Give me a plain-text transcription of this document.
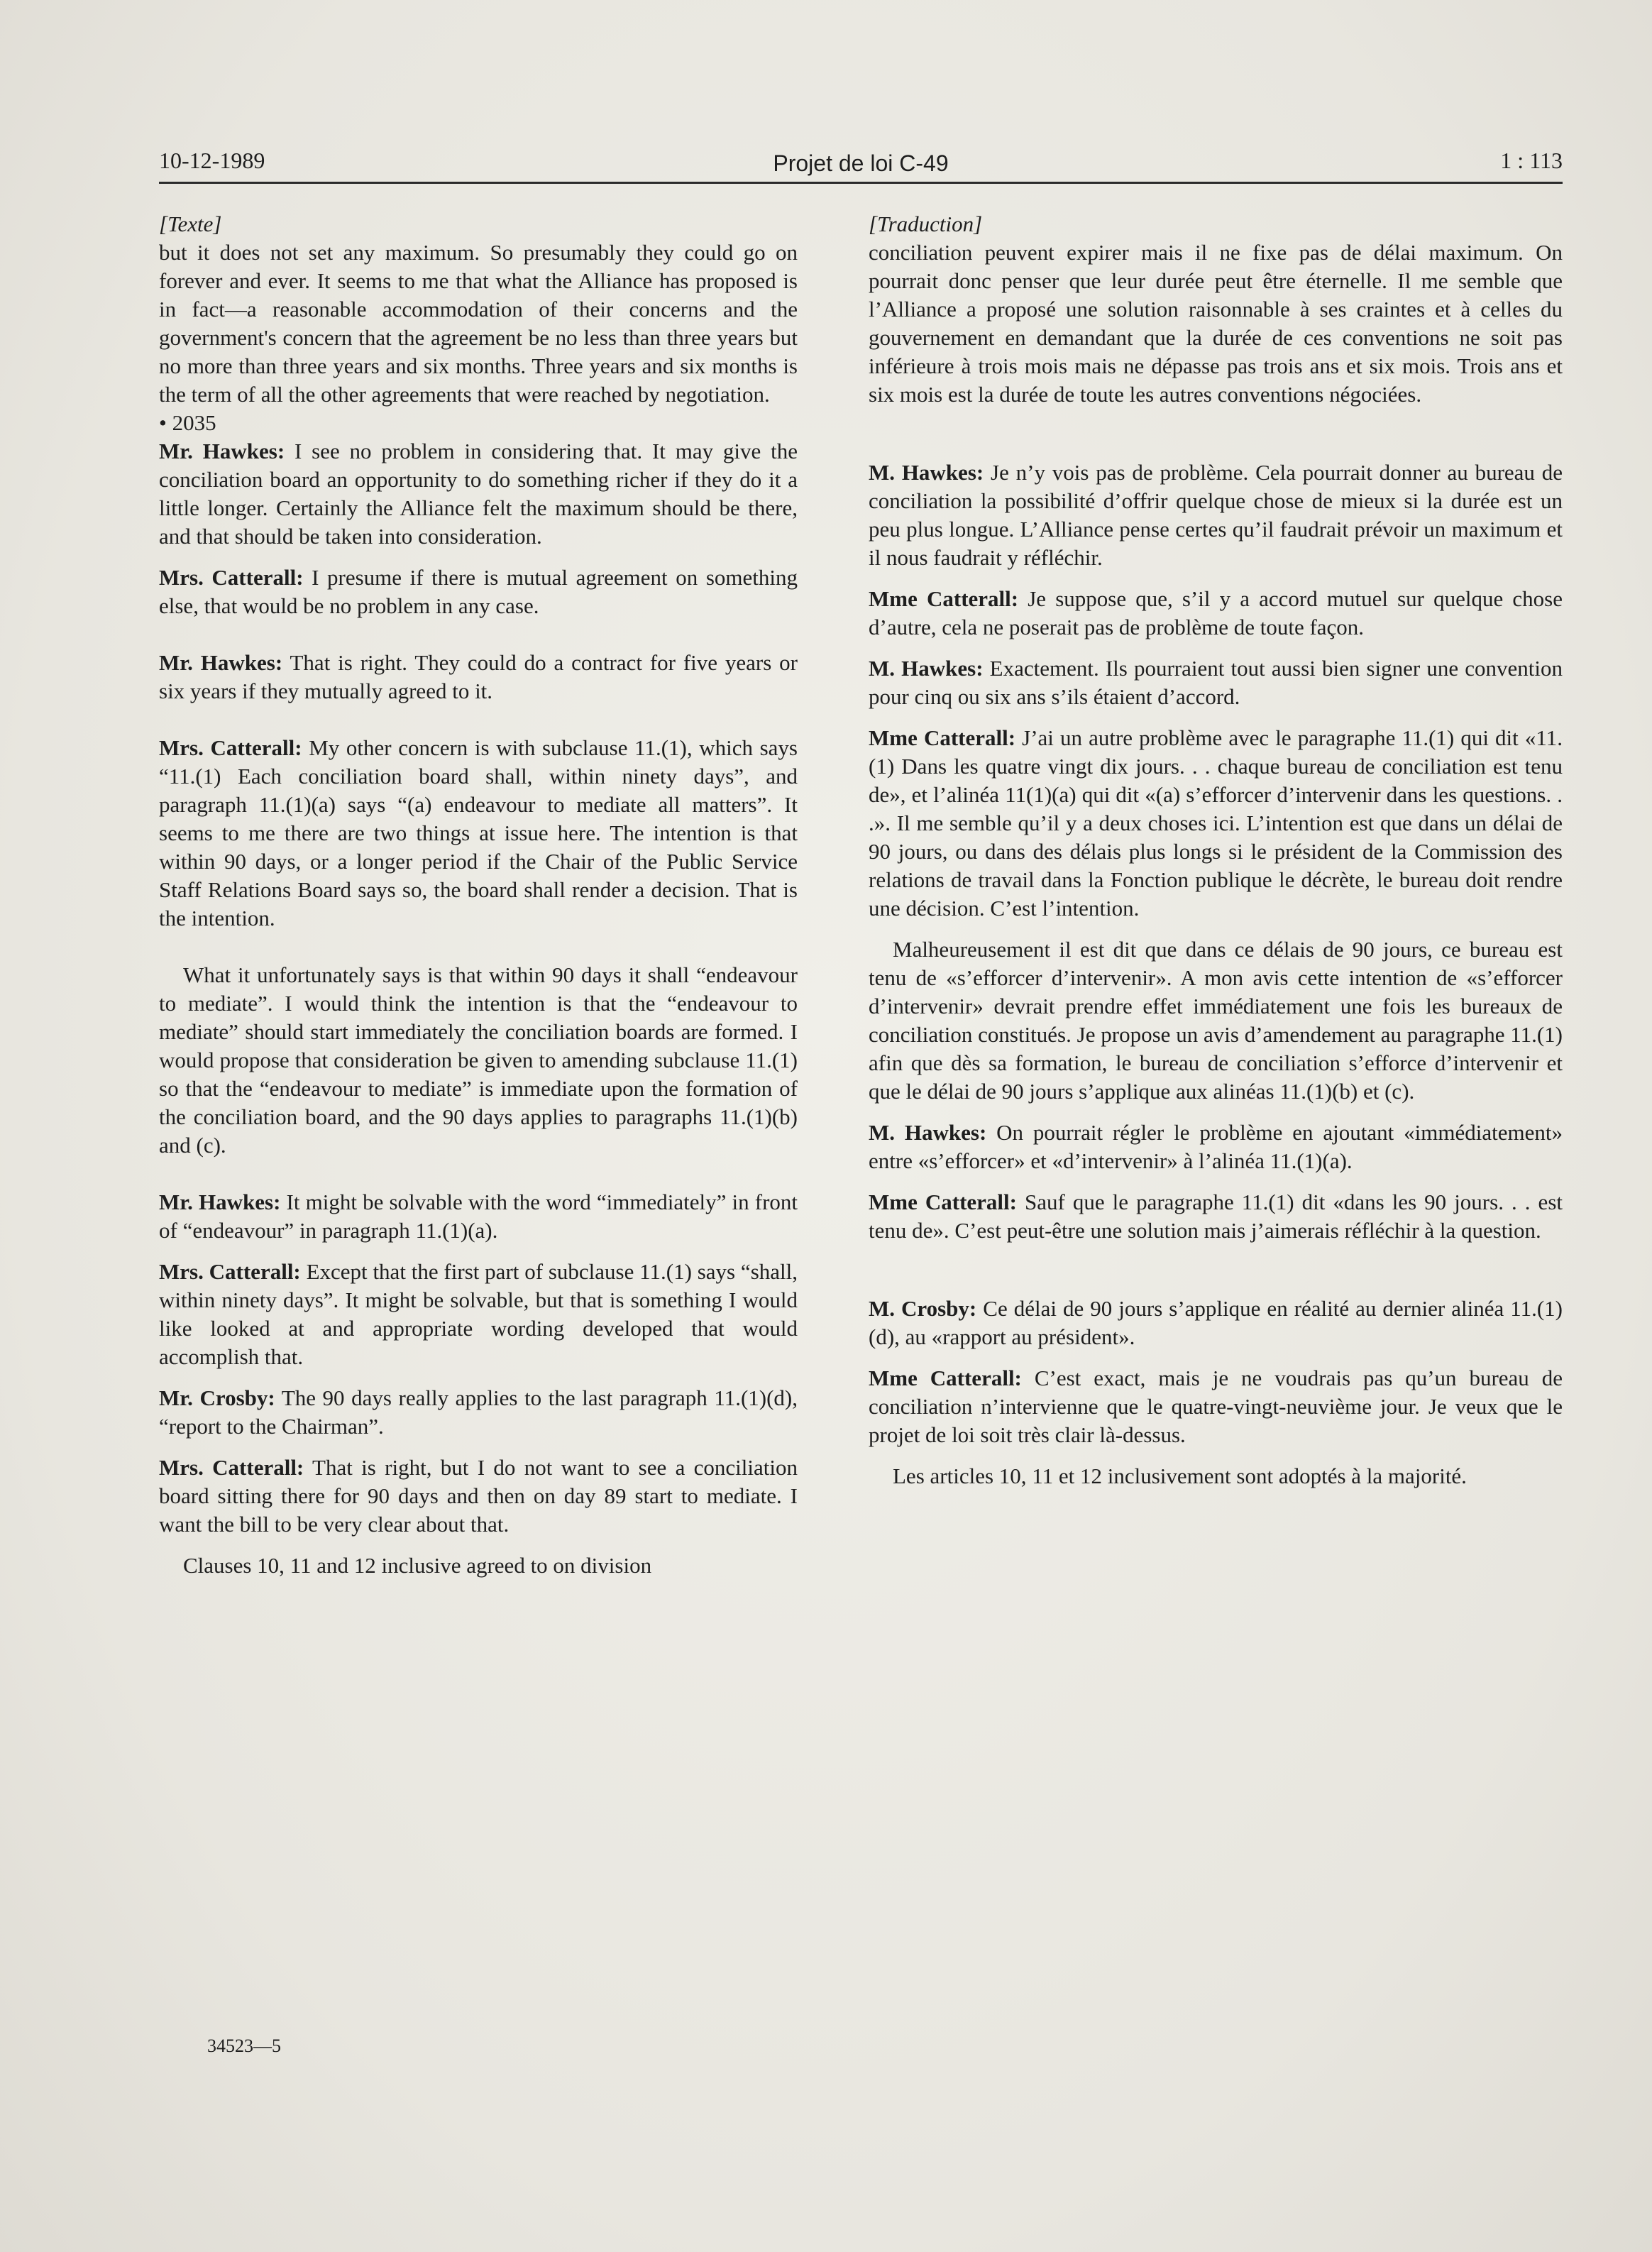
10-12-1989	Projet de loi C-49	1 : 113

[Texte]

but it does not set any maximum. So presumably they could go on forever and ever. It seems to me that what the Alliance has proposed is in fact—a reasonable accommodation of their concerns and the government's concern that the agreement be no less than three years but no more than three years and six months. Three years and six months is the term of all the other agreements that were reached by negotiation.

• 2035

Mr. Hawkes: I see no problem in considering that. It may give the conciliation board an opportunity to do something richer if they do it a little longer. Certainly the Alliance felt the maximum should be there, and that should be taken into consideration.

Mrs. Catterall: I presume if there is mutual agreement on something else, that would be no problem in any case.

Mr. Hawkes: That is right. They could do a contract for five years or six years if they mutually agreed to it.

Mrs. Catterall: My other concern is with subclause 11.(1), which says “11.(1) Each conciliation board shall, within ninety days”, and paragraph 11.(1)(a) says “(a) endeavour to mediate all matters”. It seems to me there are two things at issue here. The intention is that within 90 days, or a longer period if the Chair of the Public Service Staff Relations Board says so, the board shall render a decision. That is the intention.

What it unfortunately says is that within 90 days it shall “endeavour to mediate”. I would think the intention is that the “endeavour to mediate” should start immediately the conciliation boards are formed. I would propose that consideration be given to amending subclause 11.(1) so that the “endeavour to mediate” is immediate upon the formation of the conciliation board, and the 90 days applies to paragraphs 11.(1)(b) and (c).

Mr. Hawkes: It might be solvable with the word “immediately” in front of “endeavour” in paragraph 11.(1)(a).

Mrs. Catterall: Except that the first part of subclause 11.(1) says “shall, within ninety days”. It might be solvable, but that is something I would like looked at and appropriate wording developed that would accomplish that.

Mr. Crosby: The 90 days really applies to the last paragraph 11.(1)(d), “report to the Chairman”.

Mrs. Catterall: That is right, but I do not want to see a conciliation board sitting there for 90 days and then on day 89 start to mediate. I want the bill to be very clear about that.

Clauses 10, 11 and 12 inclusive agreed to on division

[Traduction]

conciliation peuvent expirer mais il ne fixe pas de délai maximum. On pourrait donc penser que leur durée peut être éternelle. Il me semble que l’Alliance a proposé une solution raisonnable à ses craintes et à celles du gouvernement en demandant que la durée de ces conventions ne soit pas inférieure à trois mois mais ne dépasse pas trois ans et six mois. Trois ans et six mois est la durée de toute les autres conventions négociées.

M. Hawkes: Je n’y vois pas de problème. Cela pourrait donner au bureau de conciliation la possibilité d’offrir quelque chose de mieux si la durée est un peu plus longue. L’Alliance pense certes qu’il faudrait prévoir un maximum et il nous faudrait y réfléchir.

Mme Catterall: Je suppose que, s’il y a accord mutuel sur quelque chose d’autre, cela ne poserait pas de problème de toute façon.

M. Hawkes: Exactement. Ils pourraient tout aussi bien signer une convention pour cinq ou six ans s’ils étaient d’accord.

Mme Catterall: J’ai un autre problème avec le paragraphe 11.(1) qui dit «11.(1) Dans les quatre vingt dix jours. . . chaque bureau de conciliation est tenu de», et l’alinéa 11(1)(a) qui dit «(a) s’efforcer d’intervenir dans les questions. . .». Il me semble qu’il y a deux choses ici. L’intention est que dans un délai de 90 jours, ou dans des délais plus longs si le président de la Commission des relations de travail dans la Fonction publique le décrète, le bureau doit rendre une décision. C’est l’intention.

Malheureusement il est dit que dans ce délais de 90 jours, ce bureau est tenu de «s’efforcer d’intervenir». A mon avis cette intention de «s’efforcer d’intervenir» devrait prendre effet immédiatement une fois les bureaux de conciliation constitués. Je propose un avis d’amendement au paragraphe 11.(1) afin que dès sa formation, le bureau de conciliation s’efforce d’intervenir et que le délai de 90 jours s’applique aux alinéas 11.(1)(b) et (c).

M. Hawkes: On pourrait régler le problème en ajoutant «immédiatement» entre «s’efforcer» et «d’intervenir» à l’alinéa 11.(1)(a).

Mme Catterall: Sauf que le paragraphe 11.(1) dit «dans les 90 jours. . . est tenu de». C’est peut-être une solution mais j’aimerais réfléchir à la question.

M. Crosby: Ce délai de 90 jours s’applique en réalité au dernier alinéa 11.(1)(d), au «rapport au président».

Mme Catterall: C’est exact, mais je ne voudrais pas qu’un bureau de conciliation n’intervienne que le quatre-vingt-neuvième jour. Je veux que le projet de loi soit très clair là-dessus.

Les articles 10, 11 et 12 inclusivement sont adoptés à la majorité.

34523—5
